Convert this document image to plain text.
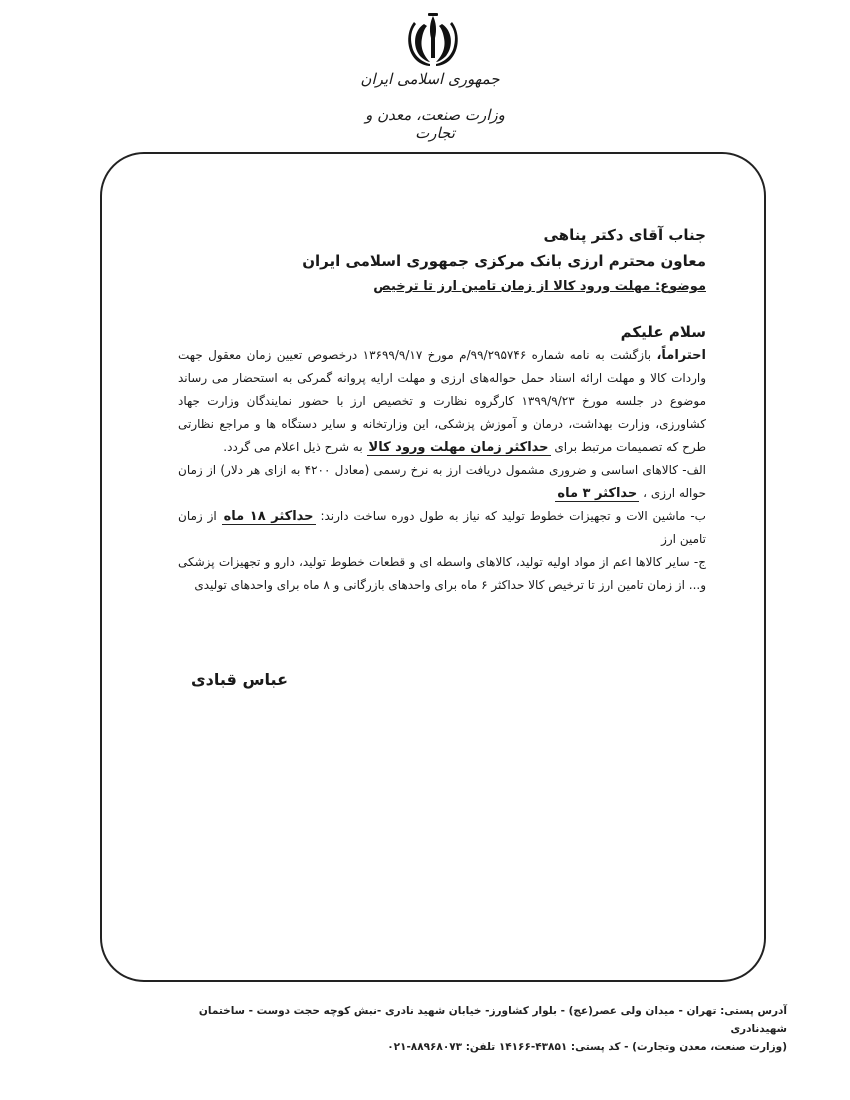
جمهوری اسلامی ایران
وزارت صنعت، معدن و تجارت
جناب آقای دکتر پناهی
معاون محترم ارزی بانک مرکزی جمهوری اسلامی ایران
موضوع: مهلت ورود کالا از زمان تامین ارز تا ترخیص
سلام علیکم
احتراماً، بازگشت به نامه شماره ۹۹/۲۹۵۷۴۶/م مورخ ۱۳۶۹۹/۹/۱۷ درخصوص تعیین زمان معقول جهت واردات کالا و مهلت ارائه اسناد حمل حواله‌های ارزی و مهلت ارایه پروانه گمرکی به استحضار می رساند موضوع در جلسه مورخ ۱۳۹۹/۹/۲۳ کارگروه نظارت و تخصیص ارز با حضور نمایندگان وزارت جهاد کشاورزی، وزارت بهداشت، درمان و آموزش پزشکی، این وزارتخانه و سایر دستگاه ها و مراجع نظارتی طرح که تصمیمات مرتبط برای حداکثر زمان مهلت ورود کالا به شرح ذیل اعلام می گردد.
الف- کالاهای اساسی و ضروری مشمول دریافت ارز به نرخ رسمی (معادل ۴۲۰۰ به ازای هر دلار) از زمان حواله ارزی ، حداکثر ۳ ماه
ب- ماشین الات و تجهیزات خطوط تولید که نیاز به طول دوره ساخت دارند: حداکثر ۱۸ ماه از زمان تامین ارز
ج- سایر کالاها اعم از مواد اولیه تولید، کالاهای واسطه ای و قطعات خطوط تولید، دارو و تجهیزات پزشکی و... از زمان تامین ارز تا ترخیص کالا حداکثر ۶ ماه برای واحدهای بازرگانی و ۸ ماه برای واحدهای تولیدی
عباس قبادی
آدرس پستی: تهران - میدان ولی عصر(عج) - بلوار کشاورز- خیابان شهید نادری -نبش کوچه حجت دوست - ساختمان شهیدنادری
(وزارت صنعت، معدن وتجارت) - کد پستی: ۴۳۸۵۱-۱۴۱۶۶ تلفن: ۸۸۹۶۸۰۷۳-۰۲۱
